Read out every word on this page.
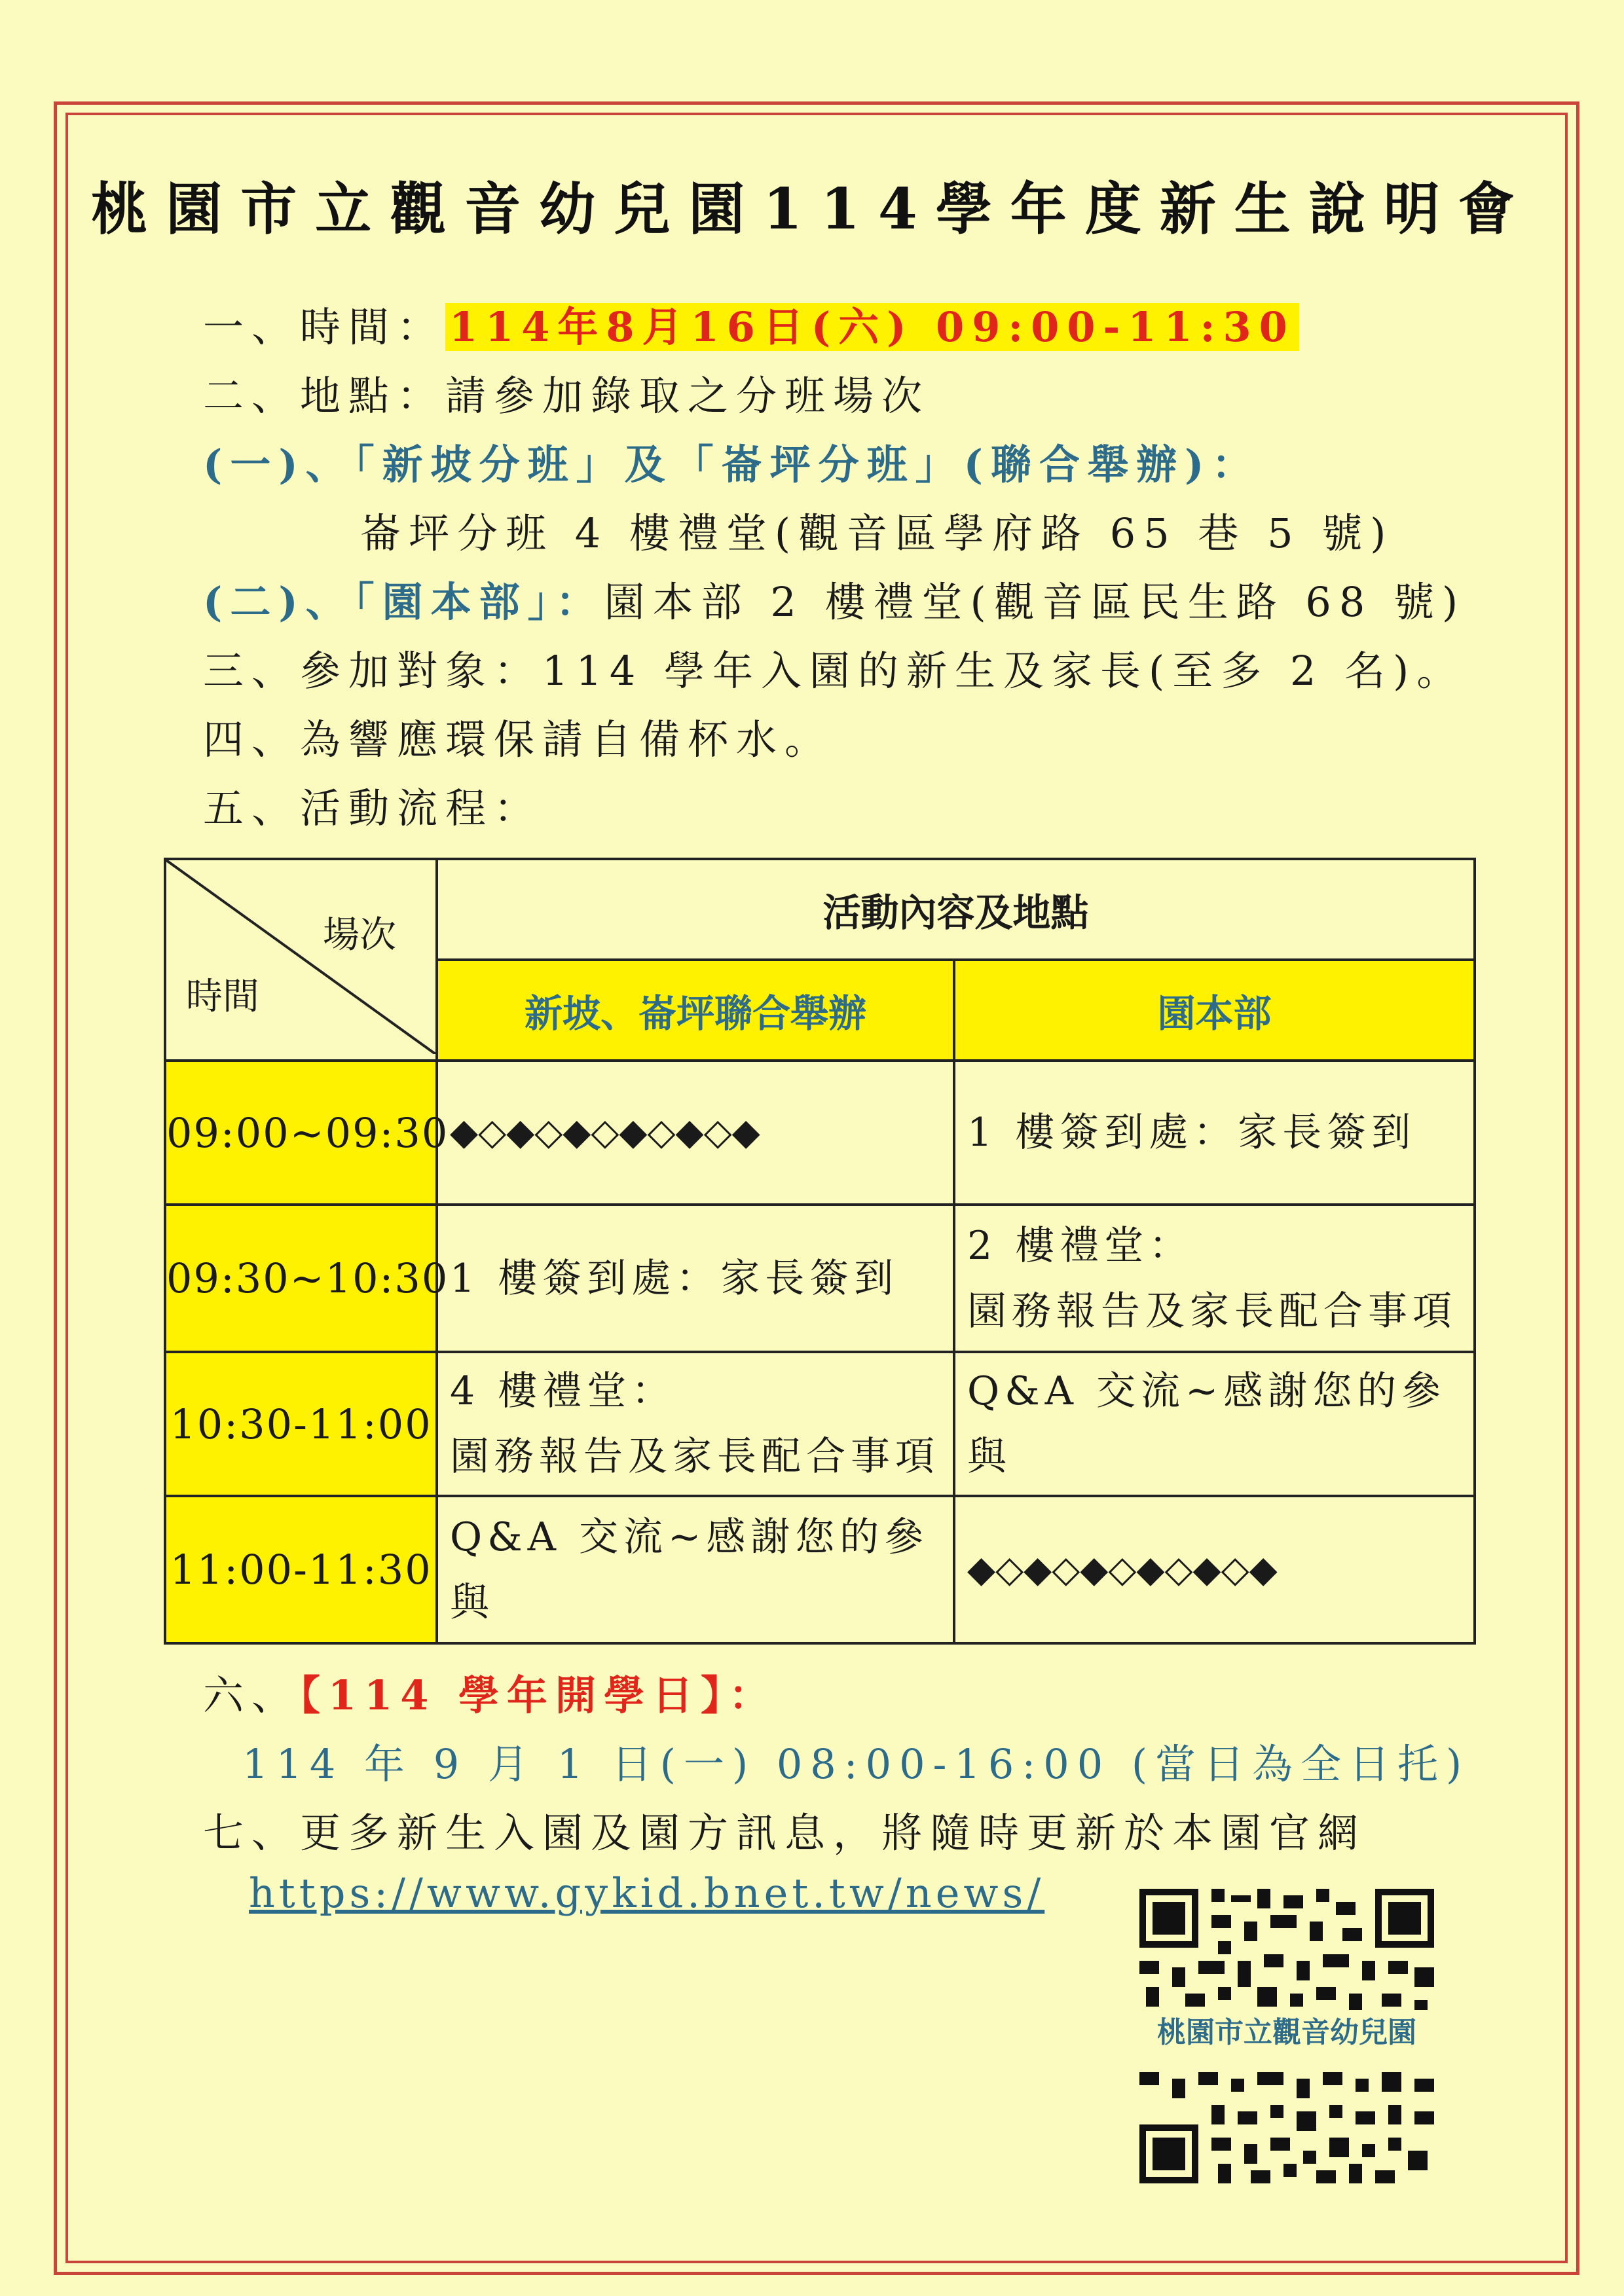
桃園市立觀音幼兒園114學年度新生說明會
一、時間：114年8月16日(六) 09:00-11:30
二、地點：請參加錄取之分班場次
(一)、「新坡分班」及「崙坪分班」(聯合舉辦)：
崙坪分班 4 樓禮堂(觀音區學府路 65 巷 5 號)
(二)、「園本部」：園本部 2 樓禮堂(觀音區民生路 68 號)
三、參加對象：114 學年入園的新生及家長(至多 2 名)。
四、為響應環保請自備杯水。
五、活動流程：
場次
時間	活動內容及地點	
	新坡、崙坪聯合舉辦	園本部
09:00~09:30	◆◇◆◇◆◇◆◇◆◇◆	1 樓簽到處：家長簽到
09:30~10:30	1 樓簽到處：家長簽到	2 樓禮堂：
園務報告及家長配合事項

10:30-11:00	4 樓禮堂：
園務報告及家長配合事項	Q&A 交流~感謝您的參與
11:00-11:30	Q&A 交流~感謝您的參與	◆◇◆◇◆◇◆◇◆◇◆
六、【114 學年開學日】：
114 年 9 月 1 日(一) 08:00-16:00 (當日為全日托)
七、更多新生入園及園方訊息，將隨時更新於本園官網
https://www.gykid.bnet.tw/news/
桃園市立觀音幼兒園
